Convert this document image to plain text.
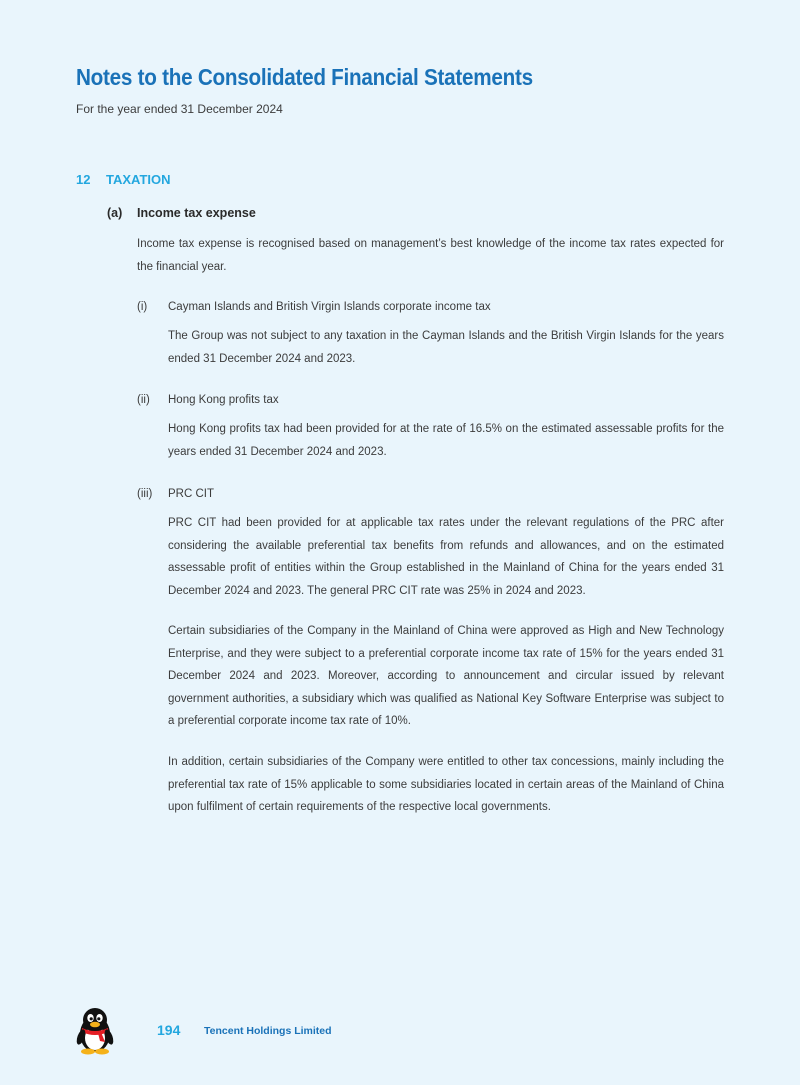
Notes to the Consolidated Financial Statements

For the year ended 31 December 2024

12 TAXATION
(a) Income tax expense

Income tax expense is recognised based on management’s best knowledge of the income tax rates expected for the financial year.

(i) Cayman Islands and British Virgin Islands corporate income tax

The Group was not subject to any taxation in the Cayman Islands and the British Virgin Islands for the years ended 31 December 2024 and 2023.

(ii) Hong Kong profits tax

Hong Kong profits tax had been provided for at the rate of 16.5% on the estimated assessable profits for the years ended 31 December 2024 and 2023.

(iii) PRC CIT

PRC CIT had been provided for at applicable tax rates under the relevant regulations of the PRC after considering the available preferential tax benefits from refunds and allowances, and on the estimated assessable profit of entities within the Group established in the Mainland of China for the years ended 31 December 2024 and 2023. The general PRC CIT rate was 25% in 2024 and 2023.

Certain subsidiaries of the Company in the Mainland of China were approved as High and New Technology Enterprise, and they were subject to a preferential corporate income tax rate of 15% for the years ended 31 December 2024 and 2023. Moreover, according to announcement and circular issued by relevant government authorities, a subsidiary which was qualified as National Key Software Enterprise was subject to a preferential corporate income tax rate of 10%.

In addition, certain subsidiaries of the Company were entitled to other tax concessions, mainly including the preferential tax rate of 15% applicable to some subsidiaries located in certain areas of the Mainland of China upon fulfilment of certain requirements of the respective local governments.

194 Tencent Holdings Limited
